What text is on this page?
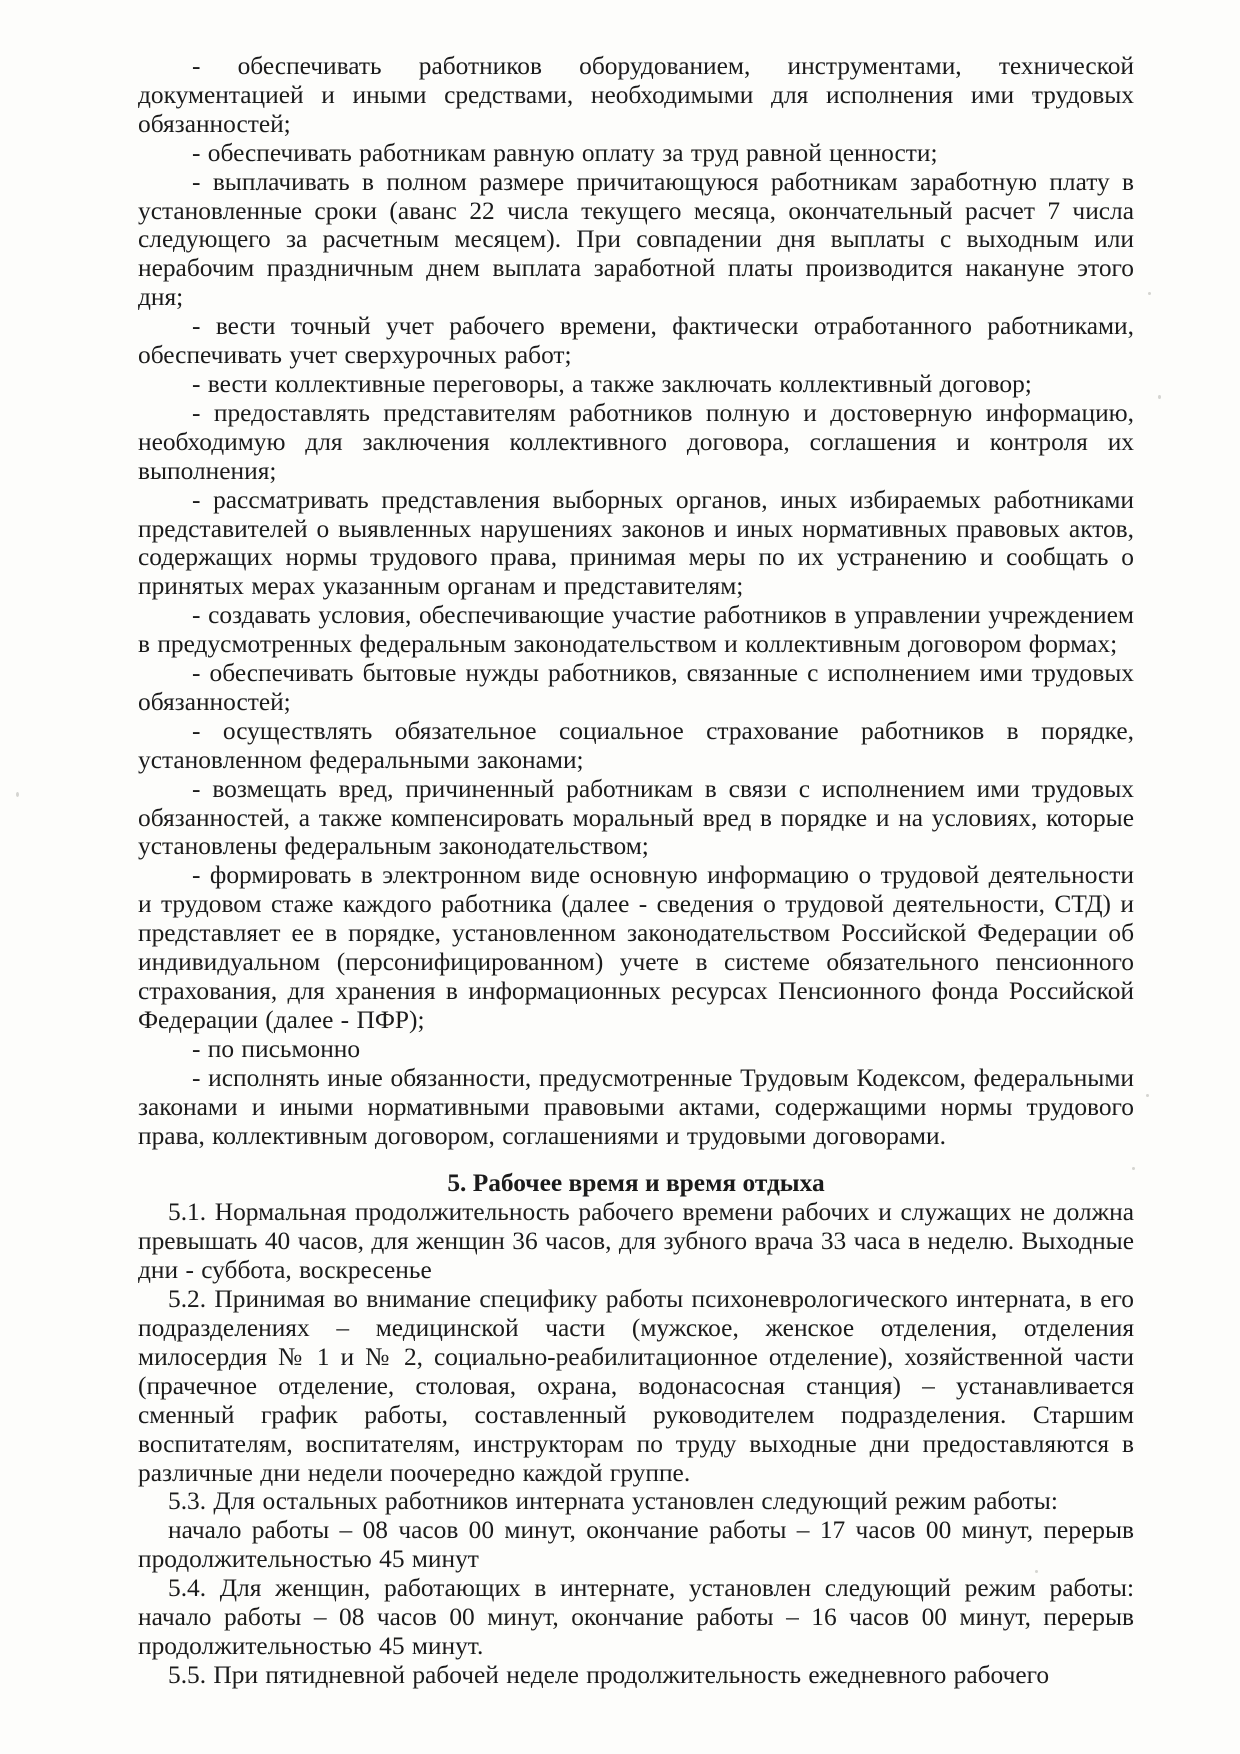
- обеспечивать работников оборудованием, инструментами, технической документацией и иными средствами, необходимыми для исполнения ими трудовых обязанностей;

- обеспечивать работникам равную оплату за труд равной ценности;

- выплачивать в полном размере причитающуюся работникам заработную плату в установленные сроки (аванс 22 числа текущего месяца, окончательный расчет 7 числа следующего за расчетным месяцем). При совпадении дня выплаты с выходным или нерабочим праздничным днем выплата заработной платы производится накануне этого дня;

- вести точный учет рабочего времени, фактически отработанного работниками, обеспечивать учет сверхурочных работ;

- вести коллективные переговоры, а также заключать коллективный договор;

- предоставлять представителям работников полную и достоверную информацию, необходимую для заключения коллективного договора, соглашения и контроля их выполнения;

- рассматривать представления выборных органов, иных избираемых работниками представителей о выявленных нарушениях законов и иных нормативных правовых актов, содержащих нормы трудового права, принимая меры по их устранению и сообщать о принятых мерах указанным органам и представителям;

- создавать условия, обеспечивающие участие работников в управлении учреждением в предусмотренных федеральным законодательством и коллективным договором формах;

- обеспечивать бытовые нужды работников, связанные с исполнением ими трудовых обязанностей;

- осуществлять обязательное социальное страхование работников в порядке, установленном федеральными законами;

- возмещать вред, причиненный работникам в связи с исполнением ими трудовых обязанностей, а также компенсировать моральный вред в порядке и на условиях, которые установлены федеральным законодательством;

- формировать в электронном виде основную информацию о трудовой деятельности и трудовом стаже каждого работника (далее - сведения о трудовой деятельности, СТД) и представляет ее в порядке, установленном законодательством Российской Федерации об индивидуальном (персонифицированном) учете в системе обязательного пенсионного страхования, для хранения в информационных ресурсах Пенсионного фонда Российской Федерации (далее - ПФР);

- по письмонно

- исполнять иные обязанности, предусмотренные Трудовым Кодексом, федеральными законами и иными нормативными правовыми актами, содержащими нормы трудового права, коллективным договором, соглашениями и трудовыми договорами.

5. Рабочее время и время отдыха

5.1. Нормальная продолжительность рабочего времени рабочих и служащих не должна превышать 40 часов, для женщин 36 часов, для зубного врача 33 часа в неделю. Выходные дни - суббота, воскресенье

5.2. Принимая во внимание специфику работы психоневрологического интерната, в его подразделениях – медицинской части (мужское, женское отделения, отделения милосердия № 1 и № 2, социально-реабилитационное отделение), хозяйственной части (прачечное отделение, столовая, охрана, водонасосная станция) – устанавливается сменный график работы, составленный руководителем подразделения. Старшим воспитателям, воспитателям, инструкторам по труду выходные дни предоставляются в различные дни недели поочередно каждой группе.

5.3. Для остальных работников интерната установлен следующий режим работы:

начало работы – 08 часов 00 минут, окончание работы – 17 часов 00 минут, перерыв продолжительностью 45 минут

5.4. Для женщин, работающих в интернате, установлен следующий режим работы: начало работы – 08 часов 00 минут, окончание работы – 16 часов 00 минут, перерыв продолжительностью 45 минут.

5.5. При пятидневной рабочей неделе продолжительность ежедневного рабочего
